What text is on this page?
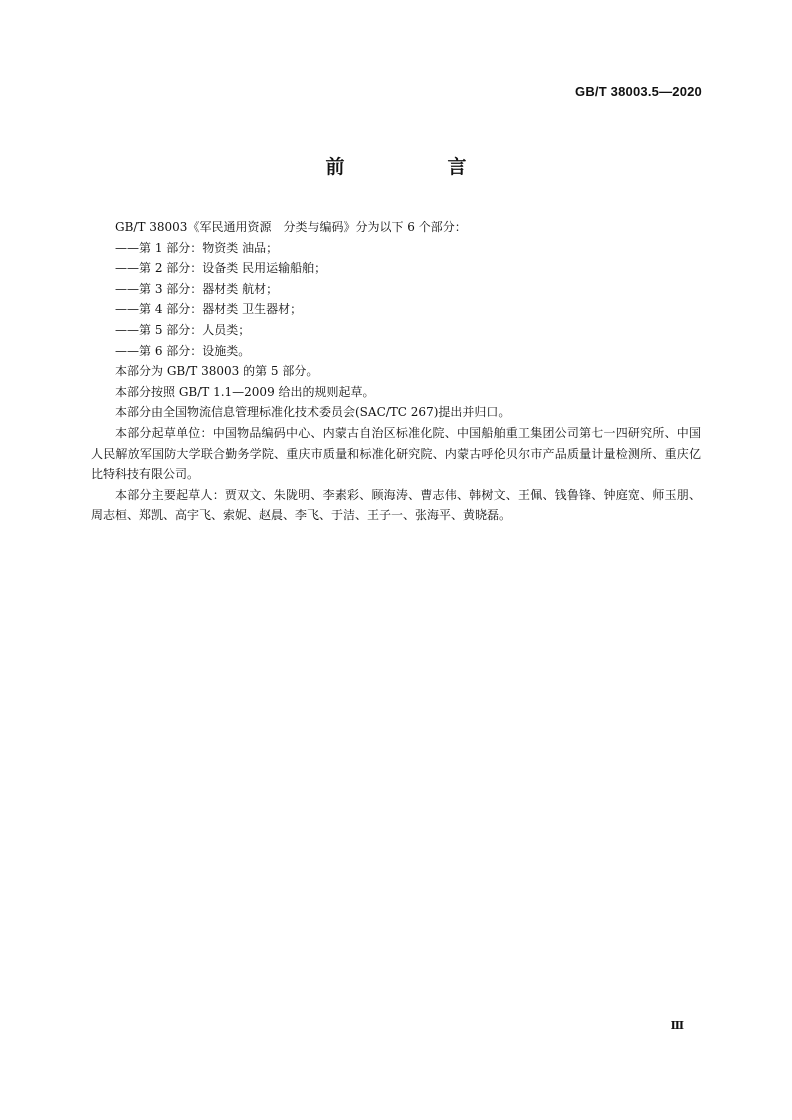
GB/T 38003.5—2020
前　言

GB/T 38003《军民通用资源　分类与编码》分为以下 6 个部分：

——第 1 部分：物资类 油品；

——第 2 部分：设备类 民用运输船舶；

——第 3 部分：器材类 航材；

——第 4 部分：器材类 卫生器材；

——第 5 部分：人员类；

——第 6 部分：设施类。

本部分为 GB/T 38003 的第 5 部分。

本部分按照 GB/T 1.1—2009 给出的规则起草。

本部分由全国物流信息管理标准化技术委员会(SAC/TC 267)提出并归口。

本部分起草单位：中国物品编码中心、内蒙古自治区标准化院、中国船舶重工集团公司第七一四研究所、中国人民解放军国防大学联合勤务学院、重庆市质量和标准化研究院、内蒙古呼伦贝尔市产品质量计量检测所、重庆亿比特科技有限公司。

本部分主要起草人：贾双文、朱陇明、李素彩、顾海涛、曹志伟、韩树文、王佩、钱鲁锋、钟庭宽、师玉朋、周志桓、郑凯、高宇飞、索妮、赵晨、李飞、于洁、王子一、张海平、黄晓磊。

Ⅲ
